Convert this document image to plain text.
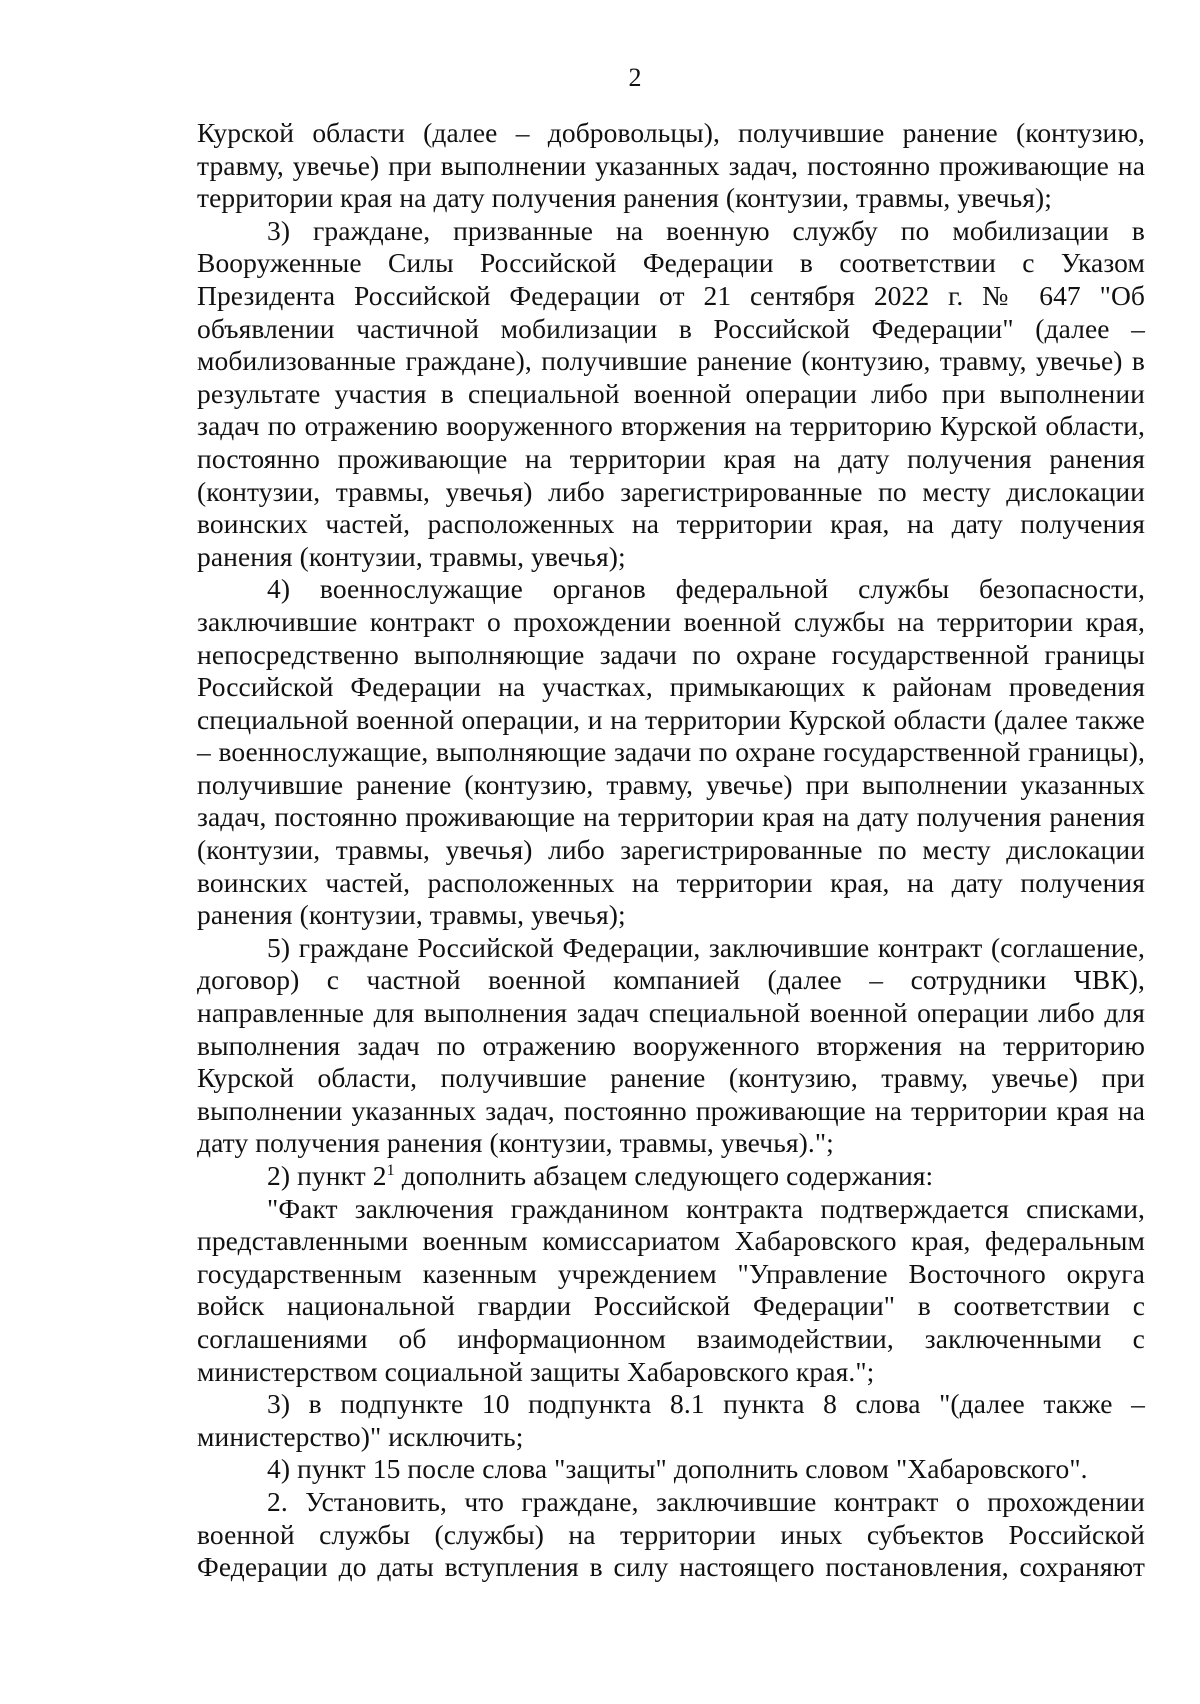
2

Курской области (далее – добровольцы), получившие ранение (контузию, травму, увечье) при выполнении указанных задач, постоянно проживающие на территории края на дату получения ранения (контузии, травмы, увечья);

3) граждане, призванные на военную службу по мобилизации в Вооруженные Силы Российской Федерации в соответствии с Указом Президента Российской Федерации от 21 сентября 2022 г. № 647 "Об объявлении частичной мобилизации в Российской Федерации" (далее – мобилизованные граждане), получившие ранение (контузию, травму, увечье) в результате участия в специальной военной операции либо при выполнении задач по отражению вооруженного вторжения на территорию Курской области, постоянно проживающие на территории края на дату получения ранения (контузии, травмы, увечья) либо зарегистрированные по месту дислокации воинских частей, расположенных на территории края, на дату получения ранения (контузии, травмы, увечья);

4) военнослужащие органов федеральной службы безопасности, заключившие контракт о прохождении военной службы на территории края, непосредственно выполняющие задачи по охране государственной границы Российской Федерации на участках, примыкающих к районам проведения специальной военной операции, и на территории Курской области (далее также – военнослужащие, выполняющие задачи по охране государственной границы), получившие ранение (контузию, травму, увечье) при выполнении указанных задач, постоянно проживающие на территории края на дату получения ранения (контузии, травмы, увечья) либо зарегистрированные по месту дислокации воинских частей, расположенных на территории края, на дату получения ранения (контузии, травмы, увечья);

5) граждане Российской Федерации, заключившие контракт (соглашение, договор) с частной военной компанией (далее – сотрудники ЧВК), направленные для выполнения задач специальной военной операции либо для выполнения задач по отражению вооруженного вторжения на территорию Курской области, получившие ранение (контузию, травму, увечье) при выполнении указанных задач, постоянно проживающие на территории края на дату получения ранения (контузии, травмы, увечья).";

2) пункт $2^1$ дополнить абзацем следующего содержания:

"Факт заключения гражданином контракта подтверждается списками, представленными военным комиссариатом Хабаровского края, федеральным государственным казенным учреждением "Управление Восточного округа войск национальной гвардии Российской Федерации" в соответствии с соглашениями об информационном взаимодействии, заключенными с министерством социальной защиты Хабаровского края.";

3) в подпункте 10 подпункта 8.1 пункта 8 слова "(далее также – министерство)" исключить;

4) пункт 15 после слова "защиты" дополнить словом "Хабаровского".

2. Установить, что граждане, заключившие контракт о прохождении военной службы (службы) на территории иных субъектов Российской Федерации до даты вступления в силу настоящего постановления, сохраняют
